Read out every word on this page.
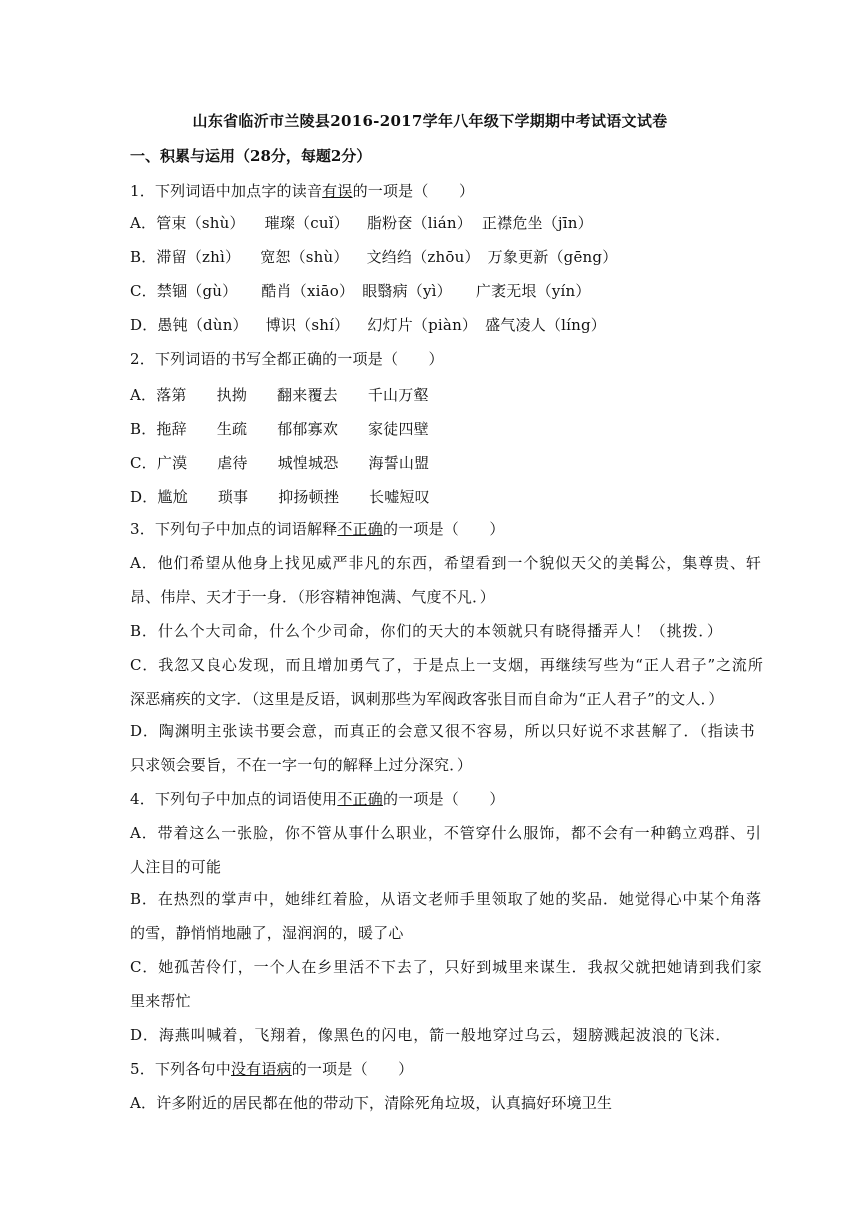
山东省临沂市兰陵县2016-2017学年八年级下学期期中考试语文试卷
一、积累与运用（28分，每题2分）
1．下列词语中加点字的读音有误的一项是（　　）
A．管束（shù） 璀璨（cuǐ） 脂粉奁（lián） 正襟危坐（jīn）
B．滞留（zhì） 宽恕（shù） 文绉绉（zhōu） 万象更新（gēng）
C．禁锢（gù） 酷肖（xiāo） 眼翳病（yì） 广袤无垠（yín）
D．愚钝（dùn） 博识（shí） 幻灯片（piàn） 盛气凌人（líng）
2．下列词语的书写全都正确的一项是（　　）
A．落第 执拗 翻来覆去 千山万壑
B．拖辞 生疏 郁郁寡欢 家徒四壁
C．广漠 虐待 城惶城恐 海誓山盟
D．尴尬 琐事 抑扬顿挫 长嘘短叹
3．下列句子中加点的词语解释不正确的一项是（　　）
A．他们希望从他身上找见威严非凡的东西，希望看到一个貌似天父的美髯公，集尊贵、轩
昂、伟岸、天才于一身．（形容精神饱满、气度不凡．）
B．什么个大司命，什么个少司命，你们的天大的本领就只有晓得播弄人！（挑拨．）
C．我忽又良心发现，而且增加勇气了，于是点上一支烟，再继续写些为“正人君子”之流所
深恶痛疾的文字．（这里是反语，讽刺那些为军阀政客张目而自命为“正人君子”的文人．）
D．陶渊明主张读书要会意，而真正的会意又很不容易，所以只好说不求甚解了．（指读书
只求领会要旨，不在一字一句的解释上过分深究．）
4．下列句子中加点的词语使用不正确的一项是（　　）
A．带着这么一张脸，你不管从事什么职业，不管穿什么服饰，都不会有一种鹤立鸡群、引
人注目的可能
B．在热烈的掌声中，她绯红着脸，从语文老师手里领取了她的奖品．她觉得心中某个角落
的雪，静悄悄地融了，湿润润的，暖了心
C．她孤苦伶仃，一个人在乡里活不下去了，只好到城里来谋生．我叔父就把她请到我们家
里来帮忙
D．海燕叫喊着，飞翔着，像黑色的闪电，箭一般地穿过乌云，翅膀溅起波浪的飞沫．
5．下列各句中没有语病的一项是（　　）
A．许多附近的居民都在他的带动下，清除死角垃圾，认真搞好环境卫生
